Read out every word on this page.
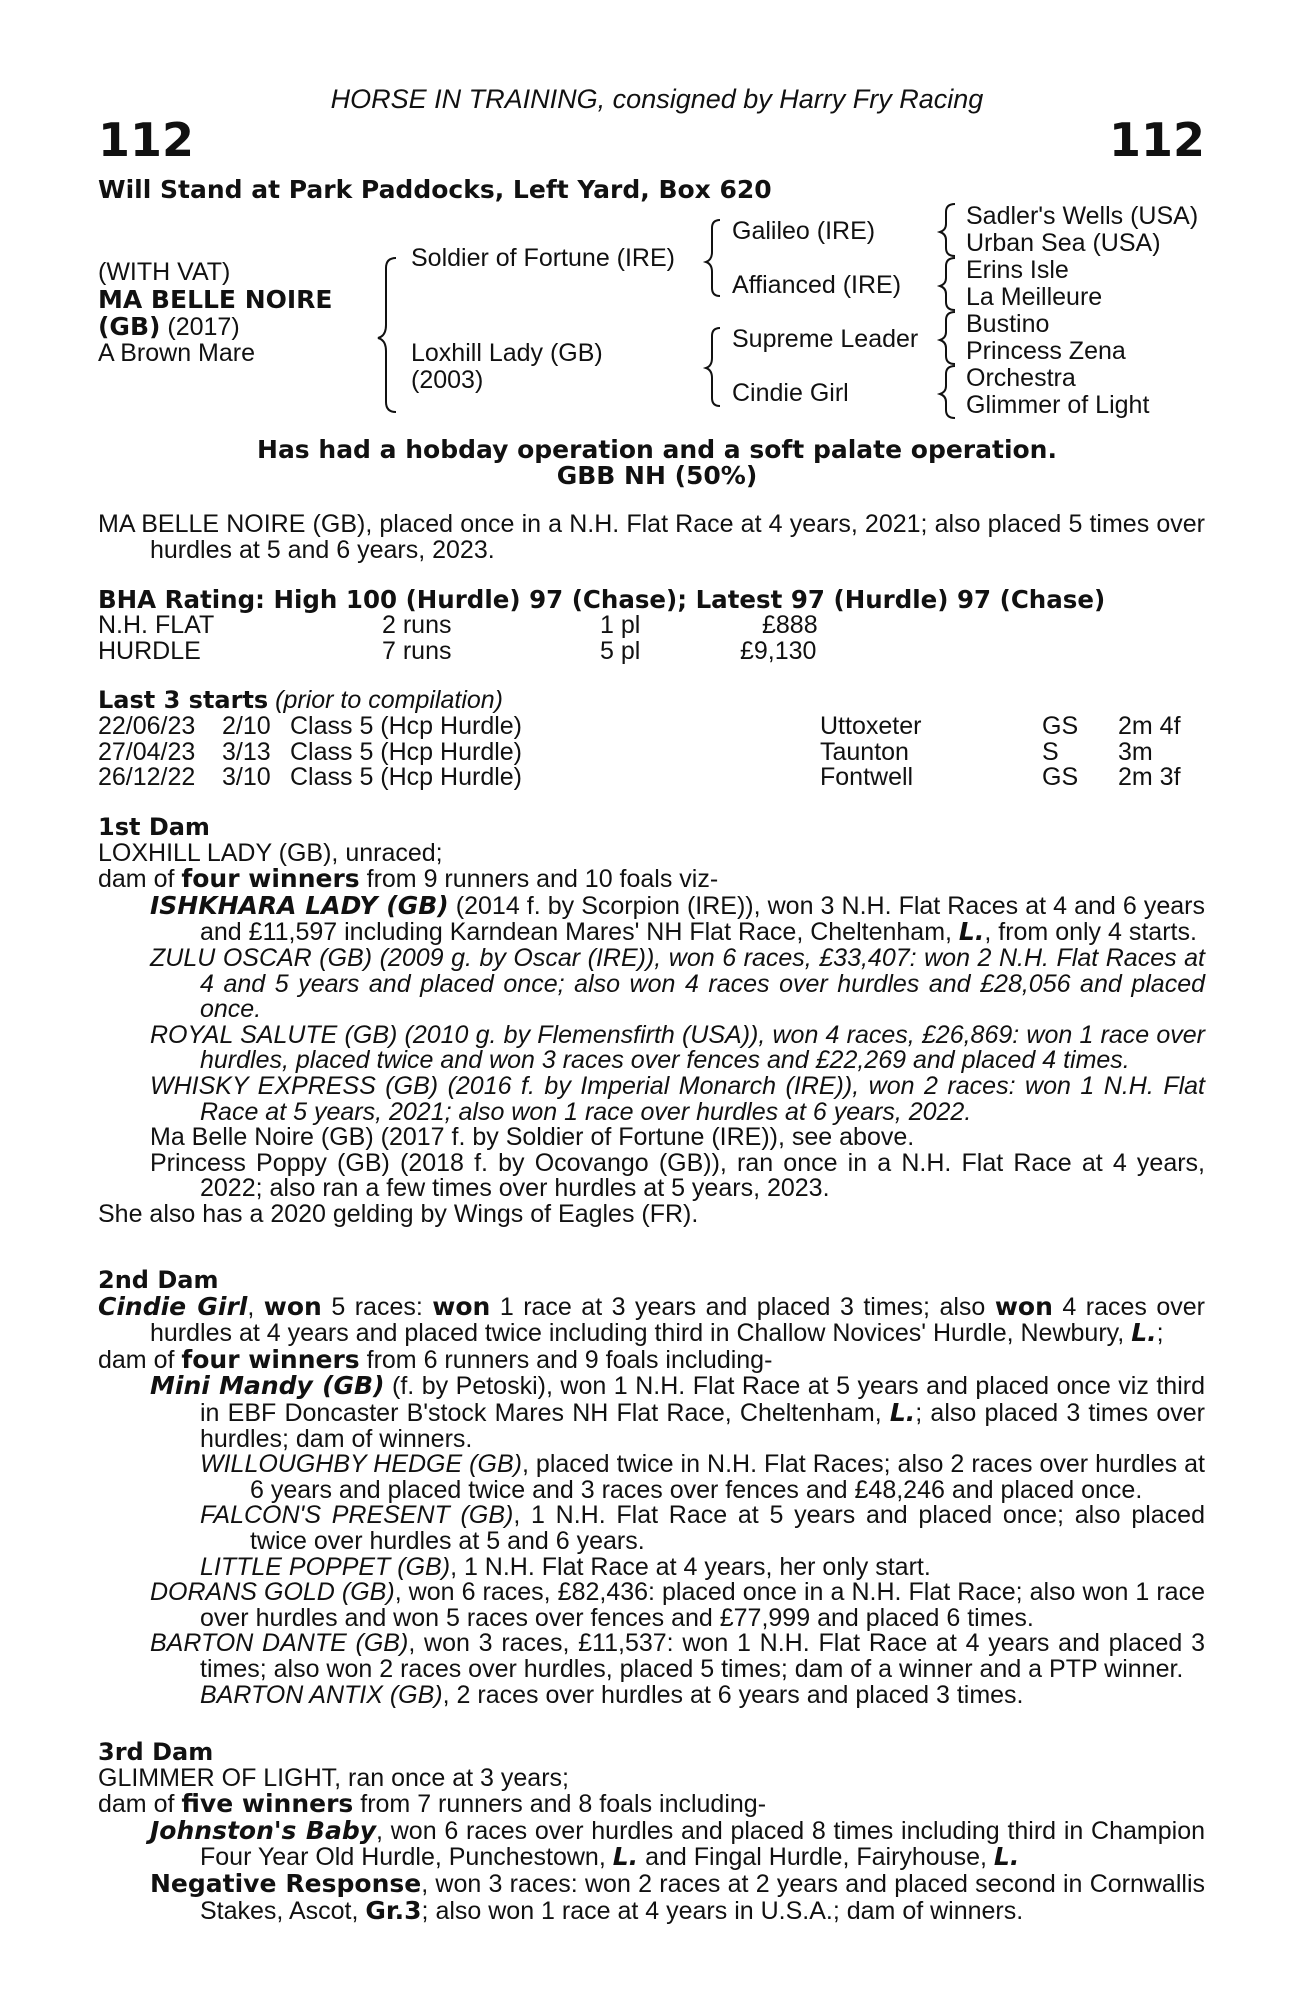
HORSE IN TRAINING, consigned by Harry Fry Racing
112	112
Will Stand at Park Paddocks, Left Yard, Box 620
(WITH VAT)
MA BELLE NOIRE
(GB) (2017)
A Brown Mare
Soldier of Fortune (IRE)
Loxhill Lady (GB)
(2003)
Galileo (IRE)
Affianced (IRE)
Supreme Leader
Cindie Girl
Sadler's Wells (USA)
Urban Sea (USA)
Erins Isle
La Meilleure
Bustino
Princess Zena
Orchestra
Glimmer of Light
Has had a hobday operation and a soft palate operation.
GBB NH (50%)

MA BELLE NOIRE (GB), placed once in a N.H. Flat Race at 4 years, 2021; also placed 5 times over hurdles at 5 and 6 years, 2023.

BHA Rating: High 100 (Hurdle) 97 (Chase); Latest 97 (Hurdle) 97 (Chase)
N.H. FLAT	2 runs	1 pl	£888
HURDLE	7 runs	5 pl	£9,130
Last 3 starts (prior to compilation)
22/06/23 2/10 Class 5 (Hcp Hurdle)	Uttoxeter	GS 2m 4f
27/04/23 3/13 Class 5 (Hcp Hurdle)	Taunton	S 3m
26/12/22 3/10 Class 5 (Hcp Hurdle)	Fontwell	GS 2m 3f
1st Dam

LOXHILL LADY (GB), unraced;

dam of four winners from 9 runners and 10 foals viz-

ISHKHARA LADY (GB) (2014 f. by Scorpion (IRE)), won 3 N.H. Flat Races at 4 and 6 years and £11,597 including Karndean Mares' NH Flat Race, Cheltenham, L., from only 4 starts.

ZULU OSCAR (GB) (2009 g. by Oscar (IRE)), won 6 races, £33,407: won 2 N.H. Flat Races at 4 and 5 years and placed once; also won 4 races over hurdles and £28,056 and placed once.

ROYAL SALUTE (GB) (2010 g. by Flemensfirth (USA)), won 4 races, £26,869: won 1 race over hurdles, placed twice and won 3 races over fences and £22,269 and placed 4 times.

WHISKY EXPRESS (GB) (2016 f. by Imperial Monarch (IRE)), won 2 races: won 1 N.H. Flat Race at 5 years, 2021; also won 1 race over hurdles at 6 years, 2022.

Ma Belle Noire (GB) (2017 f. by Soldier of Fortune (IRE)), see above.

Princess Poppy (GB) (2018 f. by Ocovango (GB)), ran once in a N.H. Flat Race at 4 years, 2022; also ran a few times over hurdles at 5 years, 2023.

She also has a 2020 gelding by Wings of Eagles (FR).

2nd Dam

Cindie Girl, won 5 races: won 1 race at 3 years and placed 3 times; also won 4 races over hurdles at 4 years and placed twice including third in Challow Novices' Hurdle, Newbury, L.;

dam of four winners from 6 runners and 9 foals including-

Mini Mandy (GB) (f. by Petoski), won 1 N.H. Flat Race at 5 years and placed once viz third in EBF Doncaster B'stock Mares NH Flat Race, Cheltenham, L.; also placed 3 times over hurdles; dam of winners.

WILLOUGHBY HEDGE (GB), placed twice in N.H. Flat Races; also 2 races over hurdles at 6 years and placed twice and 3 races over fences and £48,246 and placed once.

FALCON'S PRESENT (GB), 1 N.H. Flat Race at 5 years and placed once; also placed twice over hurdles at 5 and 6 years.

LITTLE POPPET (GB), 1 N.H. Flat Race at 4 years, her only start.

DORANS GOLD (GB), won 6 races, £82,436: placed once in a N.H. Flat Race; also won 1 race over hurdles and won 5 races over fences and £77,999 and placed 6 times.

BARTON DANTE (GB), won 3 races, £11,537: won 1 N.H. Flat Race at 4 years and placed 3 times; also won 2 races over hurdles, placed 5 times; dam of a winner and a PTP winner.

BARTON ANTIX (GB), 2 races over hurdles at 6 years and placed 3 times.

3rd Dam

GLIMMER OF LIGHT, ran once at 3 years;

dam of five winners from 7 runners and 8 foals including-

Johnston's Baby, won 6 races over hurdles and placed 8 times including third in Champion Four Year Old Hurdle, Punchestown, L. and Fingal Hurdle, Fairyhouse, L.

Negative Response, won 3 races: won 2 races at 2 years and placed second in Cornwallis Stakes, Ascot, Gr.3; also won 1 race at 4 years in U.S.A.; dam of winners.
